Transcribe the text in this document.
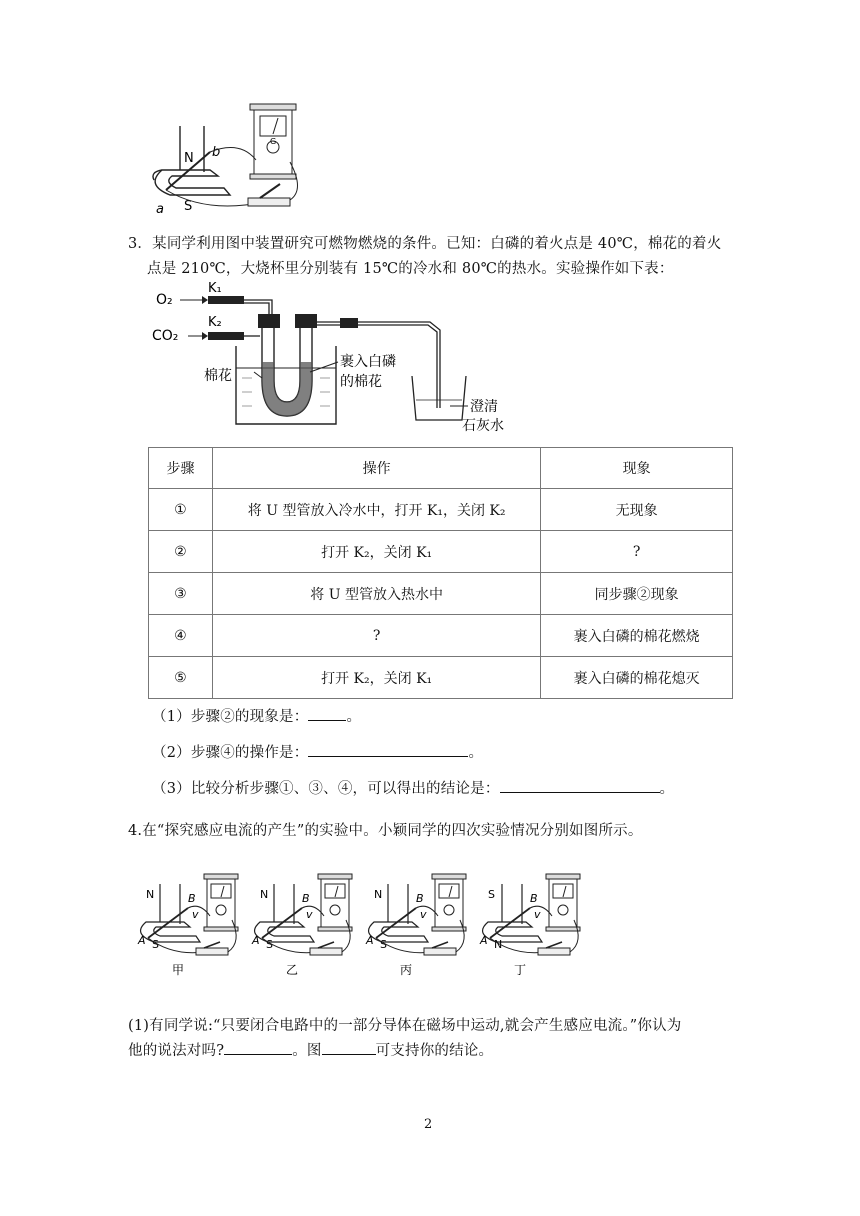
N
S
a
b
G
3．某同学利用图中装置研究可燃物燃烧的条件。已知：白磷的着火点是 40℃，棉花的着火
点是 210℃，大烧杯里分别装有 15℃的冷水和 80℃的热水。实验操作如下表：
O₂
CO₂
K₁
K₂
裹入白磷
的棉花
棉花
澄清
石灰水
步骤	操作	现象
①	将 U 型管放入冷水中，打开 K₁，关闭 K₂	无现象
②	打开 K₂，关闭 K₁	?
③	将 U 型管放入热水中	同步骤②现象
④	?	裹入白磷的棉花燃烧
⑤	打开 K₂，关闭 K₁	裹入白磷的棉花熄灭
（1）步骤②的现象是：	。
（2）步骤④的操作是：	。
（3）比较分析步骤①、③、④，可以得出的结论是：	。
4.在“探究感应电流的产生”的实验中。小颖同学的四次实验情况分别如图所示。
N
S
B
A
v
甲
N
S
B
A
v
乙
N
S
B
A
v
丙
S
N
B
A
v
丁
(1)有同学说:“只要闭合电路中的一部分导体在磁场中运动,就会产生感应电流。”你认为
他的说法对吗?	。图	可支持你的结论。
2
